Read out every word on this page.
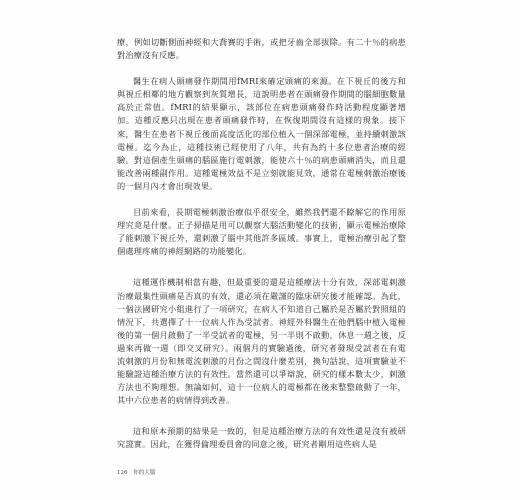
療，例如切斷側面神經和大喬賽的手術，或把牙齒全部拔除。有二十％的病患對治療沒有反應。

醫生在病人頭痛發作期間用fMRI來確定頭痛的來源。在下視丘的後方和與視丘相鄰的地方觀察到灰質增長，這說明患者在頭痛發作期間的腦細胞數量高於正常值。fMRI的結果顯示，該部位在病患頭痛發作時活動程度顯著增加。這種反應只出現在患者頭痛發作時，在恢復期間沒有這樣的現象。接下來，醫生在患者下視丘後面高度活化的部位植入一個深部電極，並持續刺激該電極。迄今為止，這種技術已經使用了八年，共有為約十多位患者治療的經驗。對這個產生頭痛的腦區施行電刺激，能使六十％的病患頭痛消失，而且還能改善兩種副作用。這種電極效益不是立刻就能見效，通常在電極刺激治療後的一個月內才會出現效果。

目前來看，長期電極刺激治療似乎很安全，雖然我們還不瞭解它的作用原理究竟是什麼。正子掃描是用可以觀察大腦活動變化的技術，顯示電極治療除了能刺激下視丘外，還刺激了腦中其他許多區域。事實上，電極治療引起了整個處理疼痛的神經網路的功能變化。

這種運作機制相當有趣，但最重要的還是這種療法十分有效，深部電刺激治療最集性頭痛是否真的有效，還必須在嚴謹的臨床研究後才能確認。為此，一個法國研究小組進行了一項研究，在病人不知道自己屬於是否屬於對照組的情況下，共選擇了十一位病人作為受試者。神經外科醫生在他們腦中植入電極後的第一個月啟動了一半受試者的電極，另一半則不啟動，休息一週之後，反過來再做一週（即交叉研究）。兩個月的實驗過後，研究者發現受試者在有電流刺激的月份和無電流刺激的月份之間沒什麼差別，換句話說，這項實驗並不能驗證這種治療方法的有效性。當然還可以爭辯說，研究的樣本數太少，刺激方法也不夠理想。無論如何，這十一位病人的電極都在後來整整啟動了一年，其中六位患者的病情得到改善。

這和原本預期的結果是一致的，但是這種治療方法的有效性還是沒有被研究證實。因此，在獲得倫理委員會的同意之後，研究者剛用這些病人是

126 你的大腦
